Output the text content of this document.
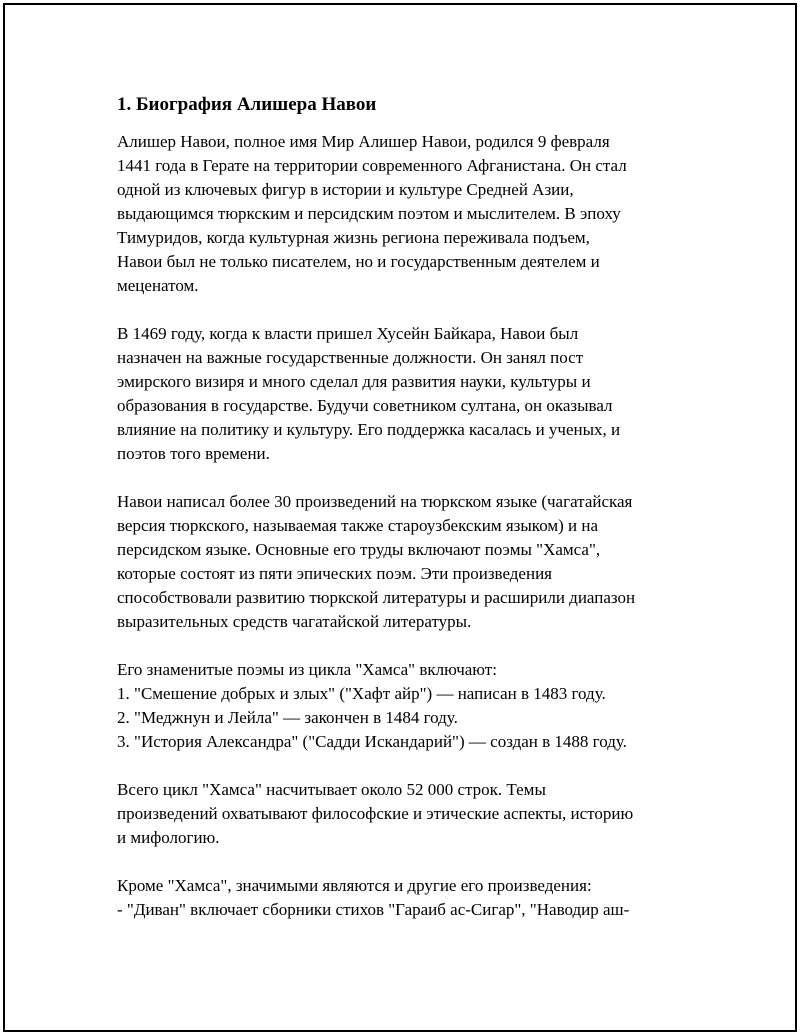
1. Биография Алишера Навои
Алишер Навои, полное имя Мир Алишер Навои, родился 9 февраля
1441 года в Герате на территории современного Афганистана. Он стал
одной из ключевых фигур в истории и культуре Средней Азии,
выдающимся тюркским и персидским поэтом и мыслителем. В эпоху
Тимуридов, когда культурная жизнь региона переживала подъем,
Навои был не только писателем, но и государственным деятелем и
меценатом.
В 1469 году, когда к власти пришел Хусейн Байкара, Навои был
назначен на важные государственные должности. Он занял пост
эмирского визиря и много сделал для развития науки, культуры и
образования в государстве. Будучи советником султана, он оказывал
влияние на политику и культуру. Его поддержка касалась и ученых, и
поэтов того времени.
Навои написал более 30 произведений на тюркском языке (чагатайская
версия тюркского, называемая также староузбекским языком) и на
персидском языке. Основные его труды включают поэмы "Хамса",
которые состоят из пяти эпических поэм. Эти произведения
способствовали развитию тюркской литературы и расширили диапазон
выразительных средств чагатайской литературы.
Его знаменитые поэмы из цикла "Хамса" включают:
1. "Смешение добрых и злых" ("Хафт айр") — написан в 1483 году.
2. "Меджнун и Лейла" — закончен в 1484 году.
3. "История Александра" ("Садди Искандарий") — создан в 1488 году.
Всего цикл "Хамса" насчитывает около 52 000 строк. Темы
произведений охватывают философские и этические аспекты, историю
и мифологию.
Кроме "Хамса", значимыми являются и другие его произведения:
- "Диван" включает сборники стихов "Гараиб ас-Сигар", "Наводир аш-
